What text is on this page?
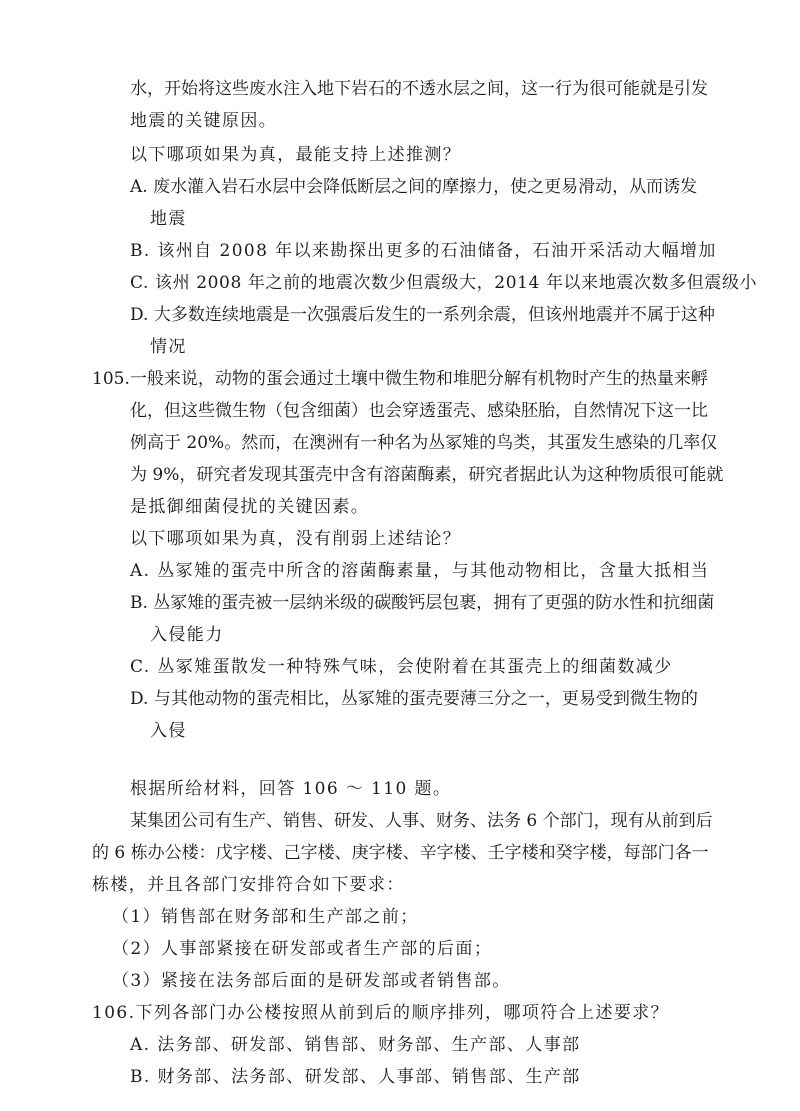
水，开始将这些废水注入地下岩石的不透水层之间，这一行为很可能就是引发
地震的关键原因。
以下哪项如果为真，最能支持上述推测？
A. 废水灌入岩石水层中会降低断层之间的摩擦力，使之更易滑动，从而诱发
地震
B. 该州自 2008 年以来勘探出更多的石油储备，石油开采活动大幅增加
C. 该州 2008 年之前的地震次数少但震级大，2014 年以来地震次数多但震级小
D. 大多数连续地震是一次强震后发生的一系列余震，但该州地震并不属于这种
情况
105.一般来说，动物的蛋会通过土壤中微生物和堆肥分解有机物时产生的热量来孵
化，但这些微生物（包含细菌）也会穿透蛋壳、感染胚胎，自然情况下这一比
例高于 20%。然而，在澳洲有一种名为丛冢雉的鸟类，其蛋发生感染的几率仅
为 9%，研究者发现其蛋壳中含有溶菌酶素，研究者据此认为这种物质很可能就
是抵御细菌侵扰的关键因素。
以下哪项如果为真，没有削弱上述结论？
A. 丛冢雉的蛋壳中所含的溶菌酶素量，与其他动物相比，含量大抵相当
B. 丛冢雉的蛋壳被一层纳米级的碳酸钙层包裹，拥有了更强的防水性和抗细菌
入侵能力
C. 丛冢雉蛋散发一种特殊气味，会使附着在其蛋壳上的细菌数减少
D. 与其他动物的蛋壳相比，丛冢雉的蛋壳要薄三分之一，更易受到微生物的
入侵
根据所给材料，回答 106 ～ 110 题。
某集团公司有生产、销售、研发、人事、财务、法务 6 个部门，现有从前到后
的 6 栋办公楼：戊字楼、己字楼、庚字楼、辛字楼、壬字楼和癸字楼，每部门各一
栋楼，并且各部门安排符合如下要求：
（1）销售部在财务部和生产部之前；
（2）人事部紧接在研发部或者生产部的后面；
（3）紧接在法务部后面的是研发部或者销售部。
106.下列各部门办公楼按照从前到后的顺序排列，哪项符合上述要求？
A. 法务部、研发部、销售部、财务部、生产部、人事部
B. 财务部、法务部、研发部、人事部、销售部、生产部
